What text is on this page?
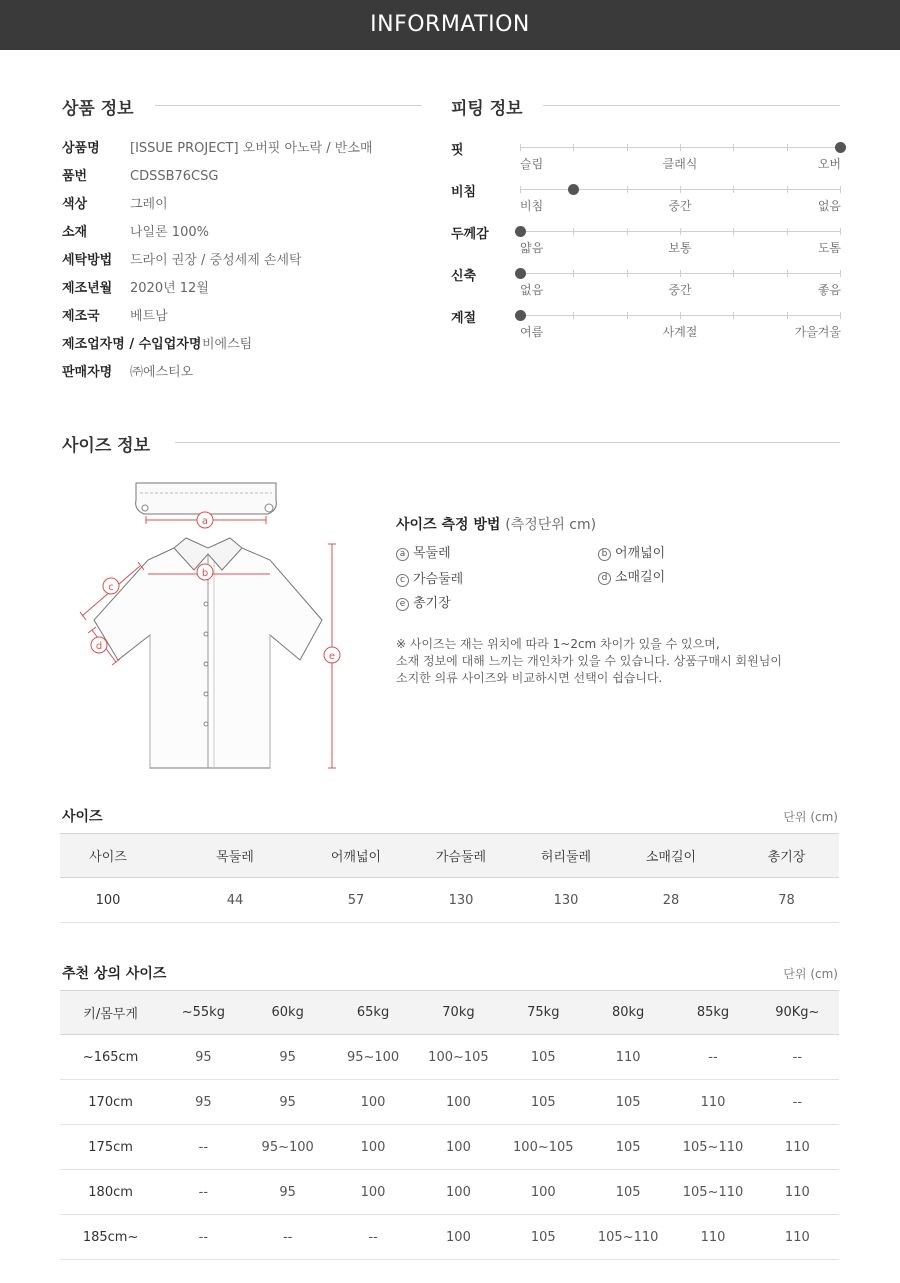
INFORMATION
상품 정보
상품명 [ISSUE PROJECT] 오버핏 아노락 / 반소매
품번	CDSSB76CSG
색상	그레이
소재	나일론 100%
세탁방법 드라이 권장 / 중성세제 손세탁
제조년월 2020년 12월
제조국 베트남
제조업자명 / 수입업자명비에스팀
판매자명 ㈜에스티오
피팅 정보
핏
슬림	클래식	오버
비침
비침	중간	없음
두께감
얇음	보통	도톰
신축
없음	중간	좋음
계절
여름	사계절	가을겨울
사이즈 정보
a
b
c
d
e
사이즈 측정 방법 (측정단위 cm)
a 목둘레	b 어깨넓이
c 가슴둘레	d 소매길이
e 총기장
※ 사이즈는 재는 위치에 따라 1~2cm 차이가 있을 수 있으며,
소재 정보에 대해 느끼는 개인차가 있을 수 있습니다. 상품구매시 회원님이
소지한 의류 사이즈와 비교하시면 선택이 쉽습니다.
사이즈	단위 (cm)
사이즈	목둘레	어깨넓이	가슴둘레	허리둘레	소매길이	총기장
100	44	57	130	130	28	78
추천 상의 사이즈	단위 (cm)
키/몸무게	~55kg	60kg	65kg	70kg	75kg	80kg	85kg	90Kg~
~165cm	95	95	95~100	100~105	105	110	--	--
170cm	95	95	100	100	105	105	110	--
175cm	--	95~100	100	100	100~105	105	105~110	110
180cm	--	95	100	100	100	105	105~110	110
185cm~	--	--	--	100	105	105~110	110	110
